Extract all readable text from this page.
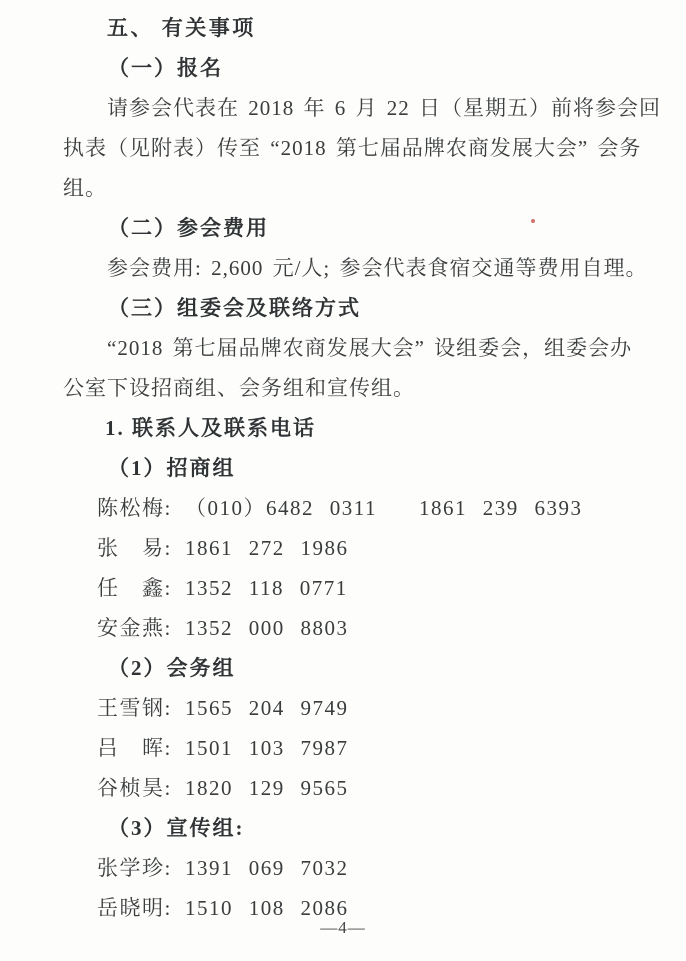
五、 有关事项
（一）报名
请参会代表在 2018 年 6 月 22 日（星期五）前将参会回
执表（见附表）传至 “2018 第七届品牌农商发展大会” 会务
组。
（二）参会费用
参会费用: 2,600 元/人; 参会代表食宿交通等费用自理。
（三）组委会及联络方式
“2018 第七届品牌农商发展大会” 设组委会，组委会办
公室下设招商组、会务组和宣传组。
1. 联系人及联系电话
（1）招商组
陈松梅: （010）6482 0311 1861 239 6393
张　易: 1861 272 1986
任　鑫: 1352 118 0771
安金燕: 1352 000 8803
（2）会务组
王雪钢: 1565 204 9749
吕　晖: 1501 103 7987
谷桢昊: 1820 129 9565
（3）宣传组:
张学珍: 1391 069 7032
岳晓明: 1510 108 2086
—4—
